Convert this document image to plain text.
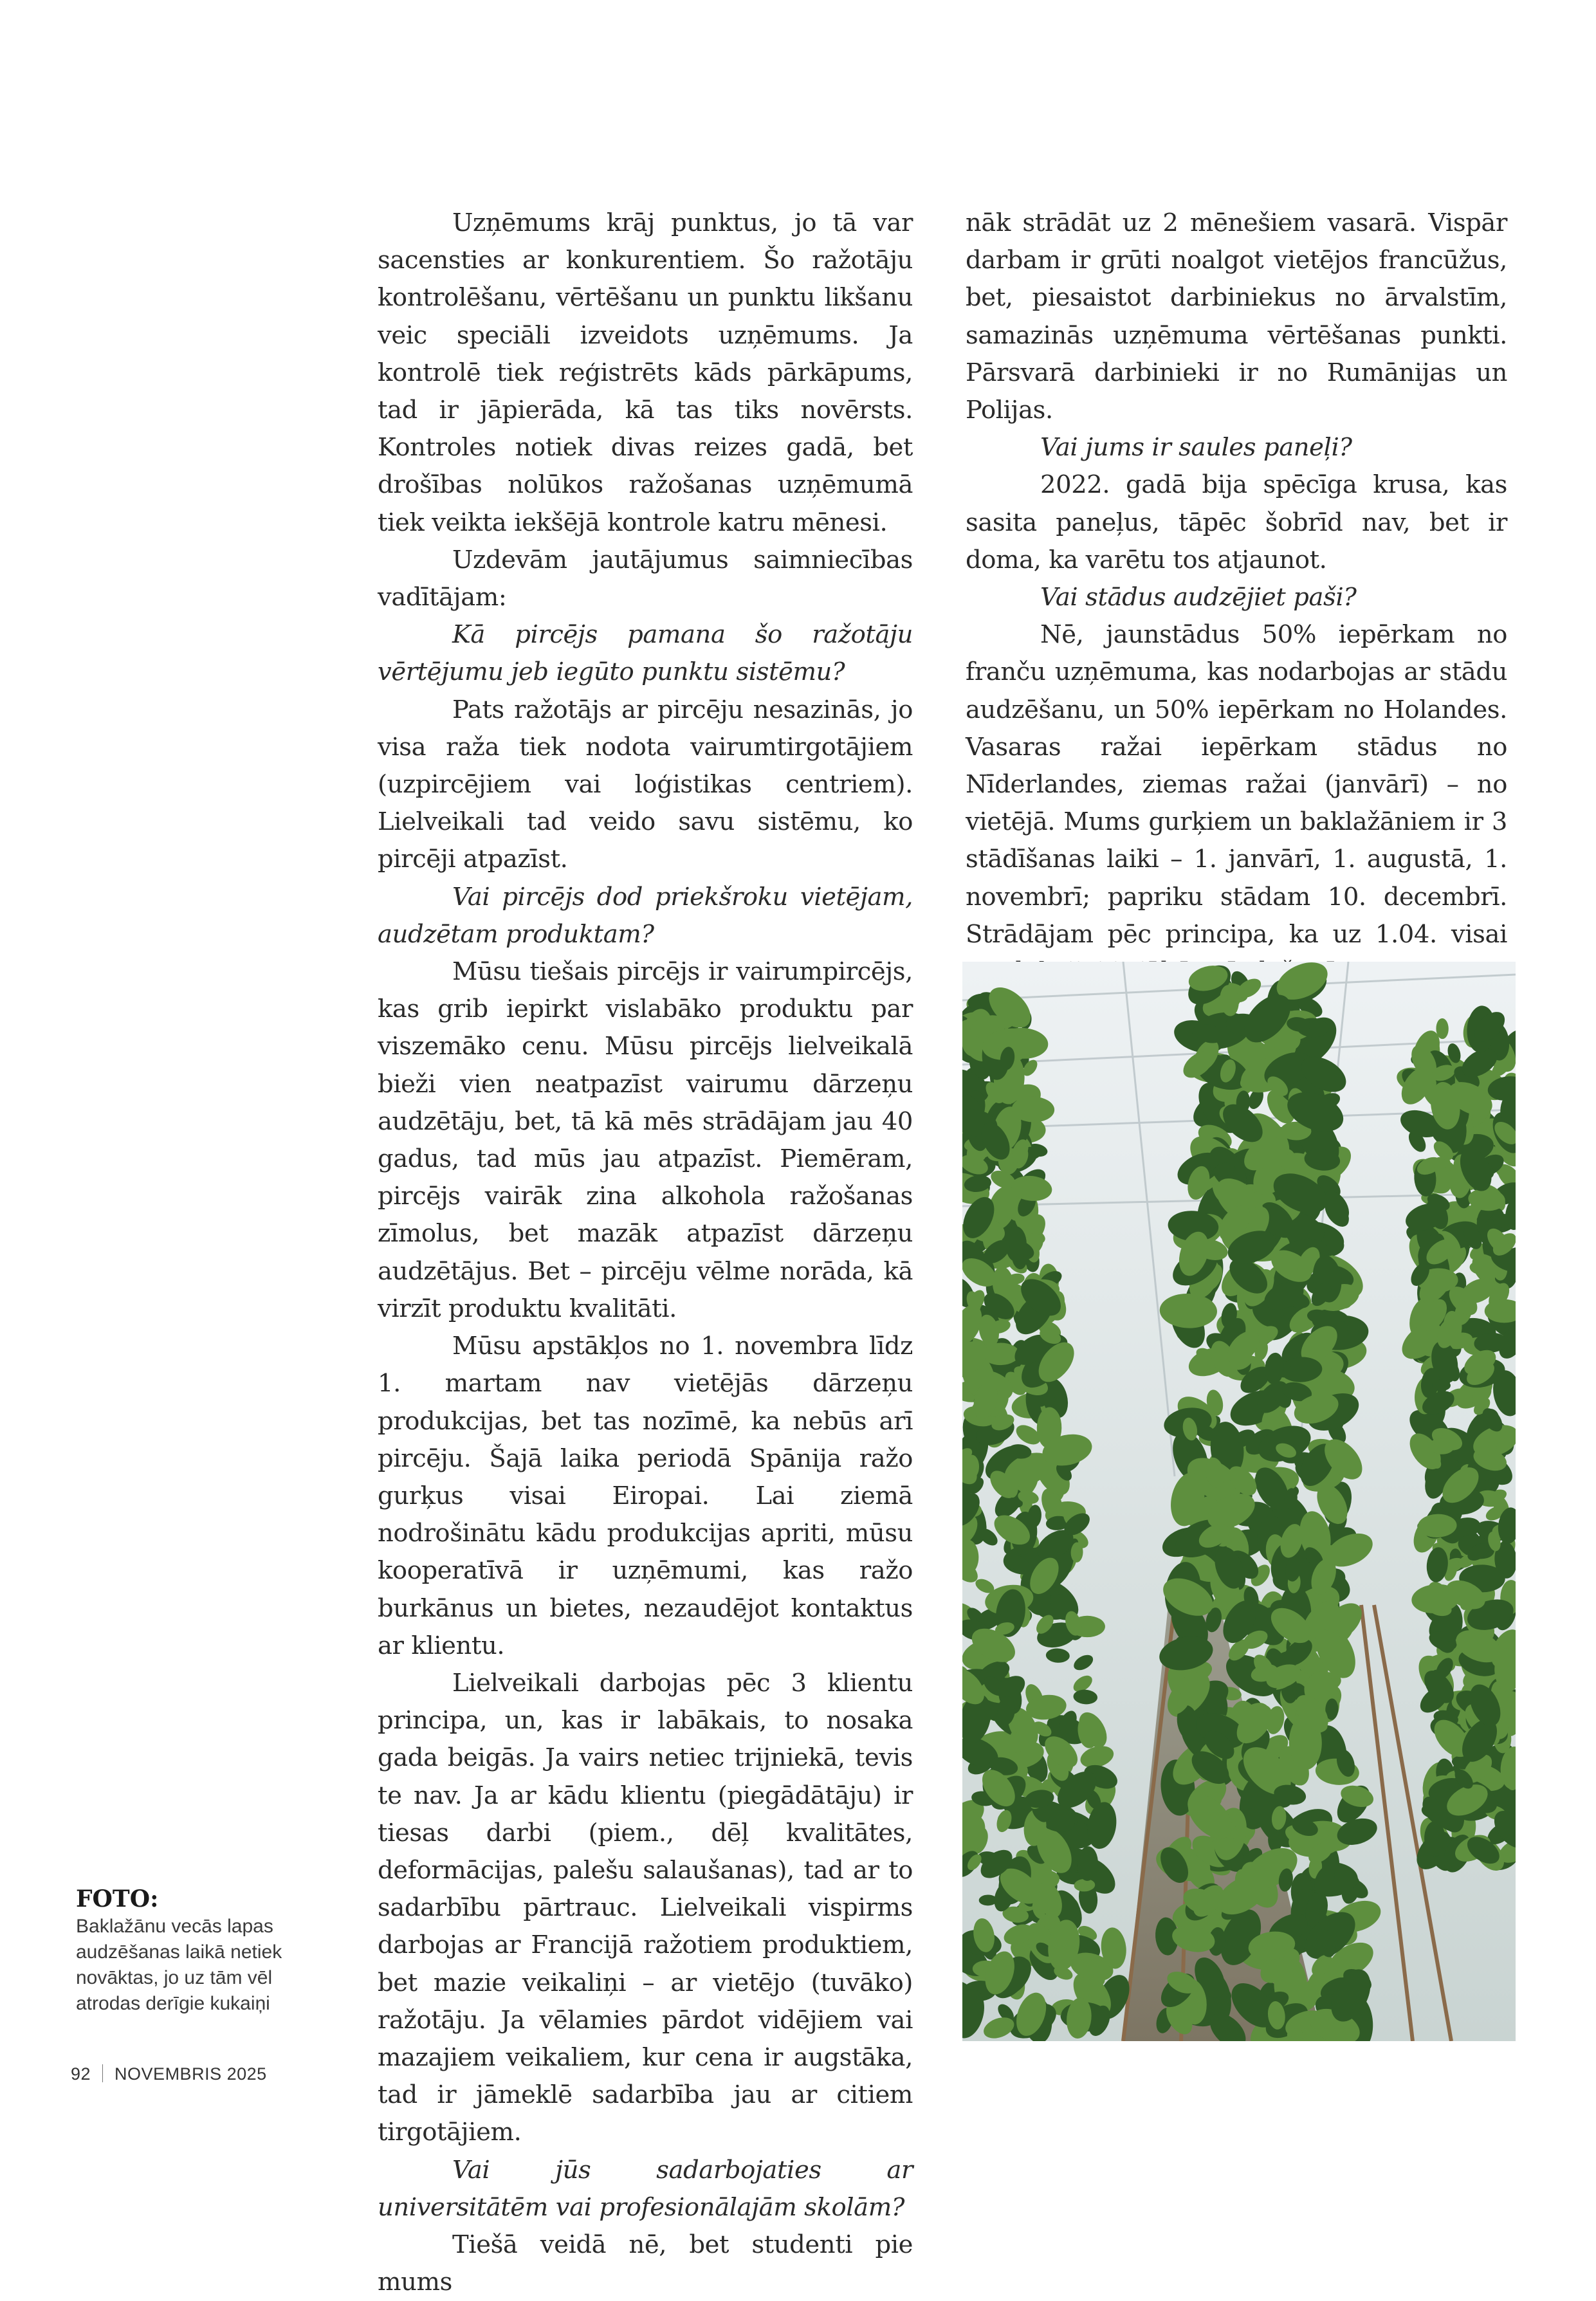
Uzņēmums krāj punktus, jo tā var sacensties ar konkurentiem. Šo ražotāju kontrolēšanu, vērtēšanu un punktu likšanu veic speciāli izveidots uzņēmums. Ja kontrolē tiek reģistrēts kāds pārkāpums, tad ir jāpierāda, kā tas tiks novērsts. Kontroles notiek divas reizes gadā, bet drošības nolūkos ražošanas uzņēmumā tiek veikta iekšējā kontrole katru mēnesi.

Uzdevām jautājumus saimniecības vadītājam:

Kā pircējs pamana šo ražotāju vērtējumu jeb iegūto punktu sistēmu?

Pats ražotājs ar pircēju nesazinās, jo visa raža tiek nodota vairumtirgotājiem (uzpircējiem vai loģistikas centriem). Lielveikali tad veido savu sistēmu, ko pircēji atpazīst.

Vai pircējs dod priekšroku vietējam, audzētam produktam?

Mūsu tiešais pircējs ir vairumpircējs, kas grib iepirkt vislabāko produktu par viszemāko cenu. Mūsu pircējs lielveikalā bieži vien neatpazīst vairumu dārzeņu audzētāju, bet, tā kā mēs strādājam jau 40 gadus, tad mūs jau atpazīst. Piemēram, pircējs vairāk zina alkohola ražošanas zīmolus, bet mazāk atpazīst dārzeņu audzētājus. Bet – pircēju vēlme norāda, kā virzīt produktu kvalitāti.

Mūsu apstākļos no 1. novembra līdz 1. martam nav vietējās dārzeņu produkcijas, bet tas nozīmē, ka nebūs arī pircēju. Šajā laika periodā Spānija ražo gurķus visai Eiropai. Lai ziemā nodrošinātu kādu produkcijas apriti, mūsu kooperatīvā ir uzņēmumi, kas ražo burkānus un bietes, nezaudējot kontaktus ar klientu.

Lielveikali darbojas pēc 3 klientu principa, un, kas ir labākais, to nosaka gada beigās. Ja vairs netiec trijniekā, tevis te nav. Ja ar kādu klientu (piegādātāju) ir tiesas darbi (piem., dēļ kvalitātes, deformācijas, palešu salaušanas), tad ar to sadarbību pārtrauc. Lielveikali vispirms darbojas ar Francijā ražotiem produktiem, bet mazie veikaliņi – ar vietējo (tuvāko) ražotāju. Ja vēlamies pārdot vidējiem vai mazajiem veikaliem, kur cena ir augstāka, tad ir jāmeklē sadarbība jau ar citiem tirgotājiem.

Vai jūs sadarbojaties ar universitātēm vai profesionālajām skolām?

Tiešā veidā nē, bet studenti pie mums

nāk strādāt uz 2 mēnešiem vasarā. Vispār darbam ir grūti noalgot vietējos francūžus, bet, piesaistot darbiniekus no ārvalstīm, samazinās uzņēmuma vērtēšanas punkti. Pārsvarā darbinieki ir no Rumānijas un Polijas.

Vai jums ir saules paneļi?

2022. gadā bija spēcīga krusa, kas sasita paneļus, tāpēc šobrīd nav, bet ir doma, ka varētu tos atjaunot.

Vai stādus audzējiet paši?

Nē, jaunstādus 50% iepērkam no franču uzņēmuma, kas nodarbojas ar stādu audzēšanu, un 50% iepērkam no Holandes. Vasaras ražai iepērkam stādus no Nīderlandes, ziemas ražai (janvārī) – no vietējā. Mums gurķiem un baklažāniem ir 3 stādīšanas laiki – 1. janvārī, 1. augustā, 1. novembrī; papriku stādam 10. decembrī. Strādājam pēc principa, ka uz 1.04. visai

FOTO:
Baklažānu vecās lapas audzēšanas laikā netiek novāktas, jo uz tām vēl atrodas derīgie kukaiņi
92 NOVEMBRIS 2025
